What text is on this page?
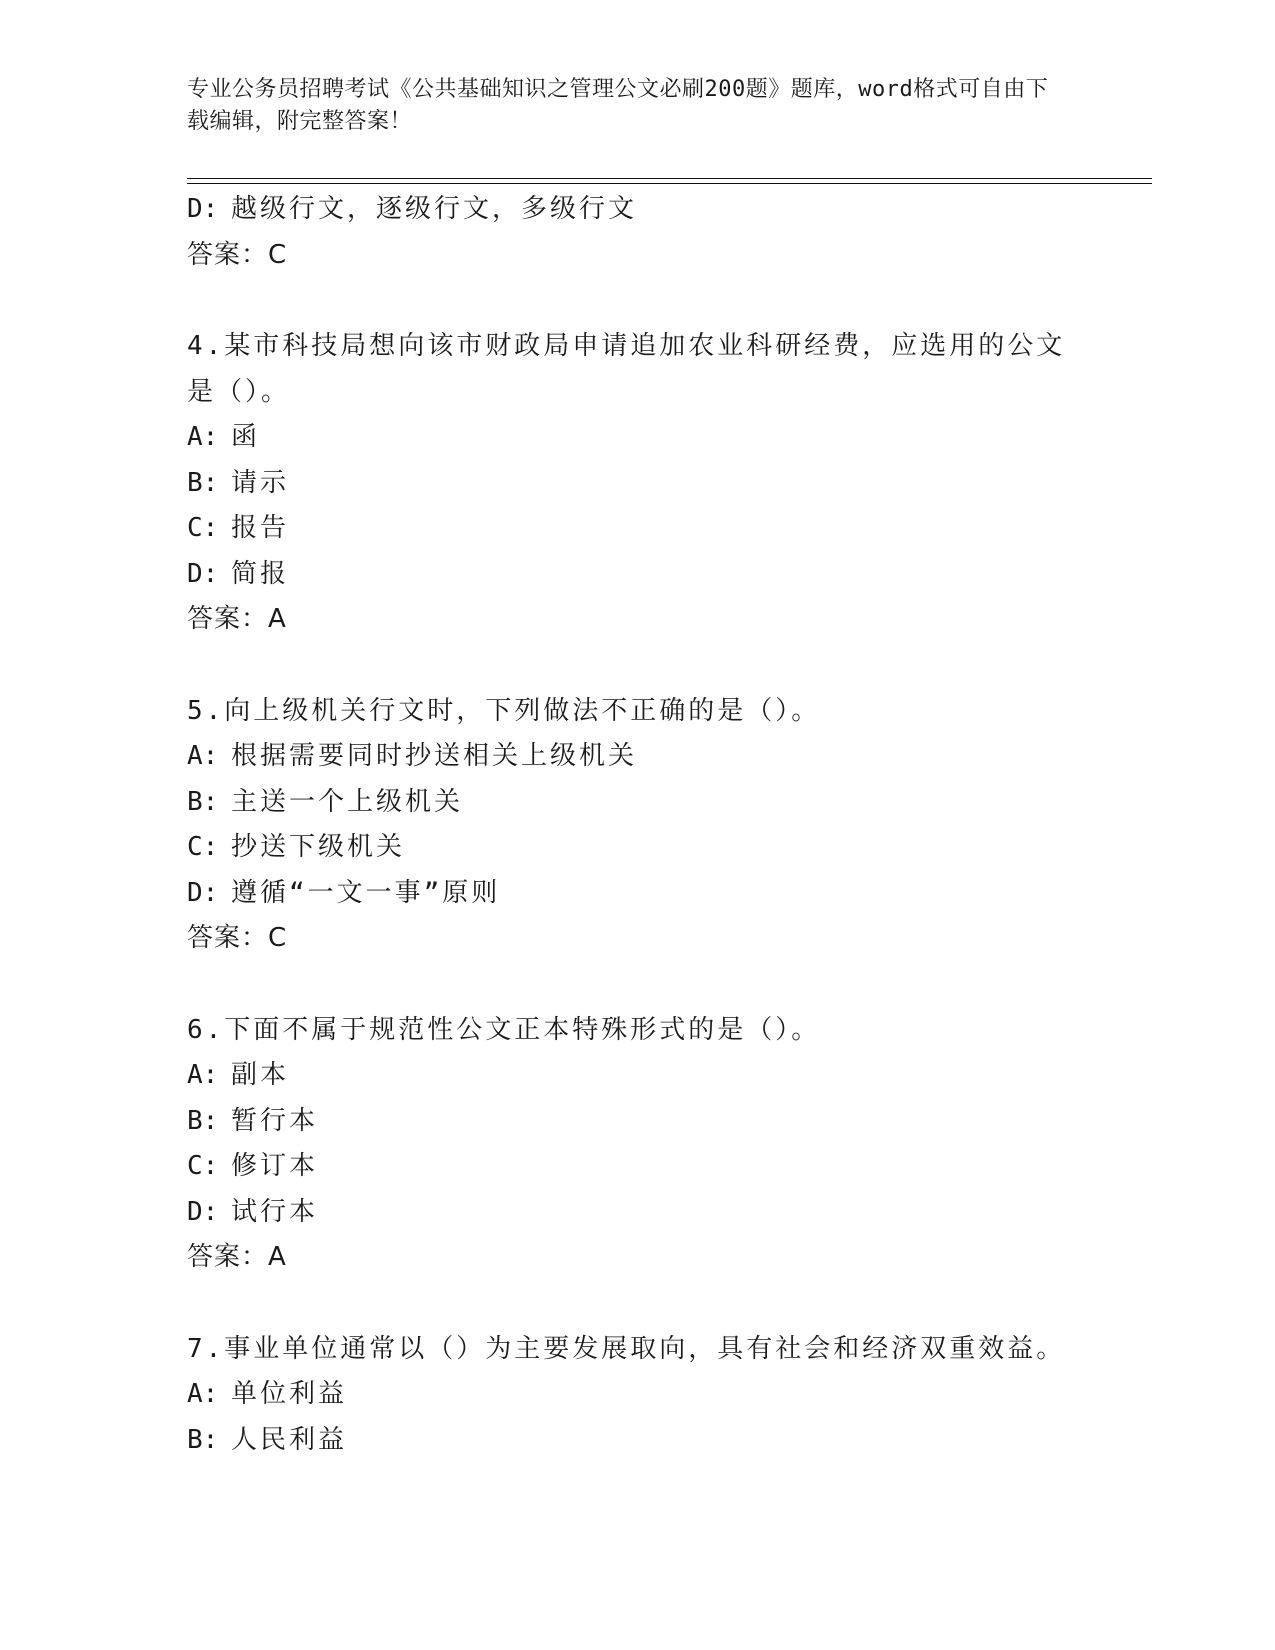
专业公务员招聘考试《公共基础知识之管理公文必刷200题》题库，word格式可自由下载编辑，附完整答案！
D: 越级行文，逐级行文，多级行文
答案：C
4.某市科技局想向该市财政局申请追加农业科研经费，应选用的公文
是（）。
A: 函
B: 请示
C: 报告
D: 简报
答案：A
5.向上级机关行文时，下列做法不正确的是（）。
A: 根据需要同时抄送相关上级机关
B: 主送一个上级机关
C: 抄送下级机关
D: 遵循“一文一事”原则
答案：C
6.下面不属于规范性公文正本特殊形式的是（）。
A: 副本
B: 暂行本
C: 修订本
D: 试行本
答案：A
7.事业单位通常以（）为主要发展取向，具有社会和经济双重效益。
A: 单位利益
B: 人民利益
